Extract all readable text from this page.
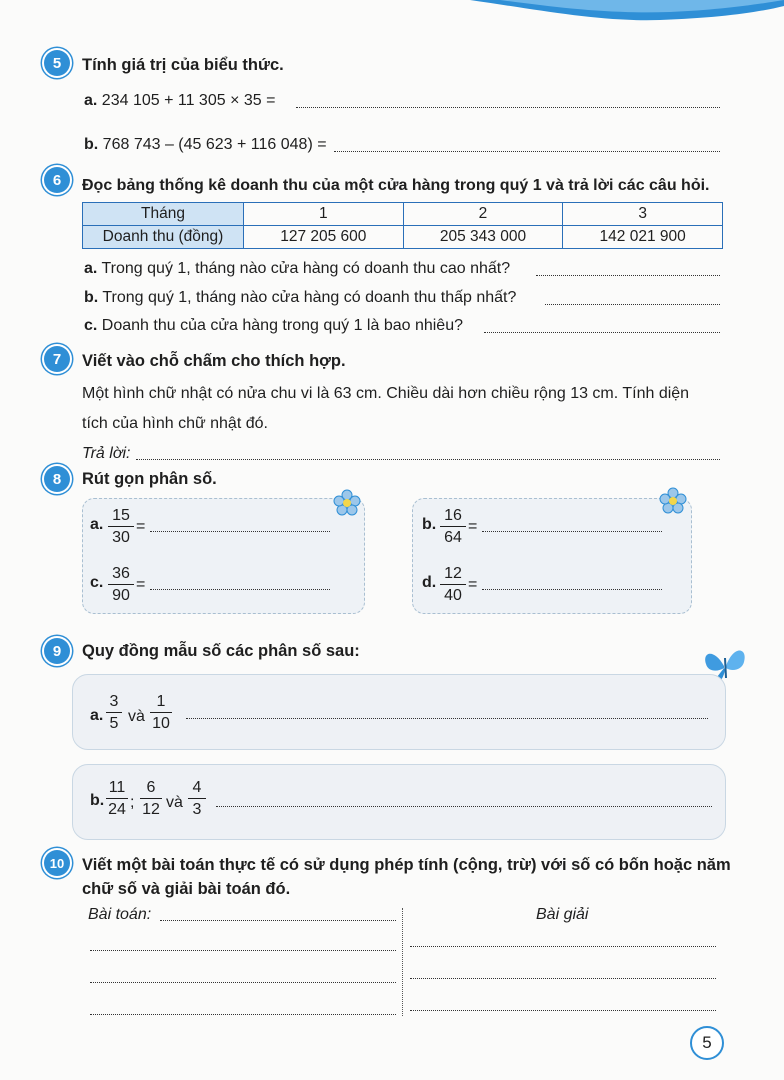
5	Tính giá trị của biểu thức.
a. 234 105 + 11 305 × 35 =
b. 768 743 – (45 623 + 116 048) =
6	Đọc bảng thống kê doanh thu của một cửa hàng trong quý 1 và trả lời các câu hỏi.
Tháng	1	2	3
Doanh thu (đồng)	127 205 600	205 343 000	142 021 900
a. Trong quý 1, tháng nào cửa hàng có doanh thu cao nhất?
b. Trong quý 1, tháng nào cửa hàng có doanh thu thấp nhất?
c. Doanh thu của cửa hàng trong quý 1 là bao nhiêu?
7	Viết vào chỗ chấm cho thích hợp.
Một hình chữ nhật có nửa chu vi là 63 cm. Chiều dài hơn chiều rộng 13 cm. Tính diện
tích của hình chữ nhật đó.
Trả lời:
8	Rút gọn phân số.
a.
15
30
=	b.
16
64
=
c.
36
90
=	d.
12
40
=
9	Quy đồng mẫu số các phân số sau:
a.
3
5 và
1
10
b.
11
24 ;
6
12 và
4
3
10	Viết một bài toán thực tế có sử dụng phép tính (cộng, trừ) với số có bốn hoặc năm
chữ số và giải bài toán đó.
Bài toán:	Bài giải
5
